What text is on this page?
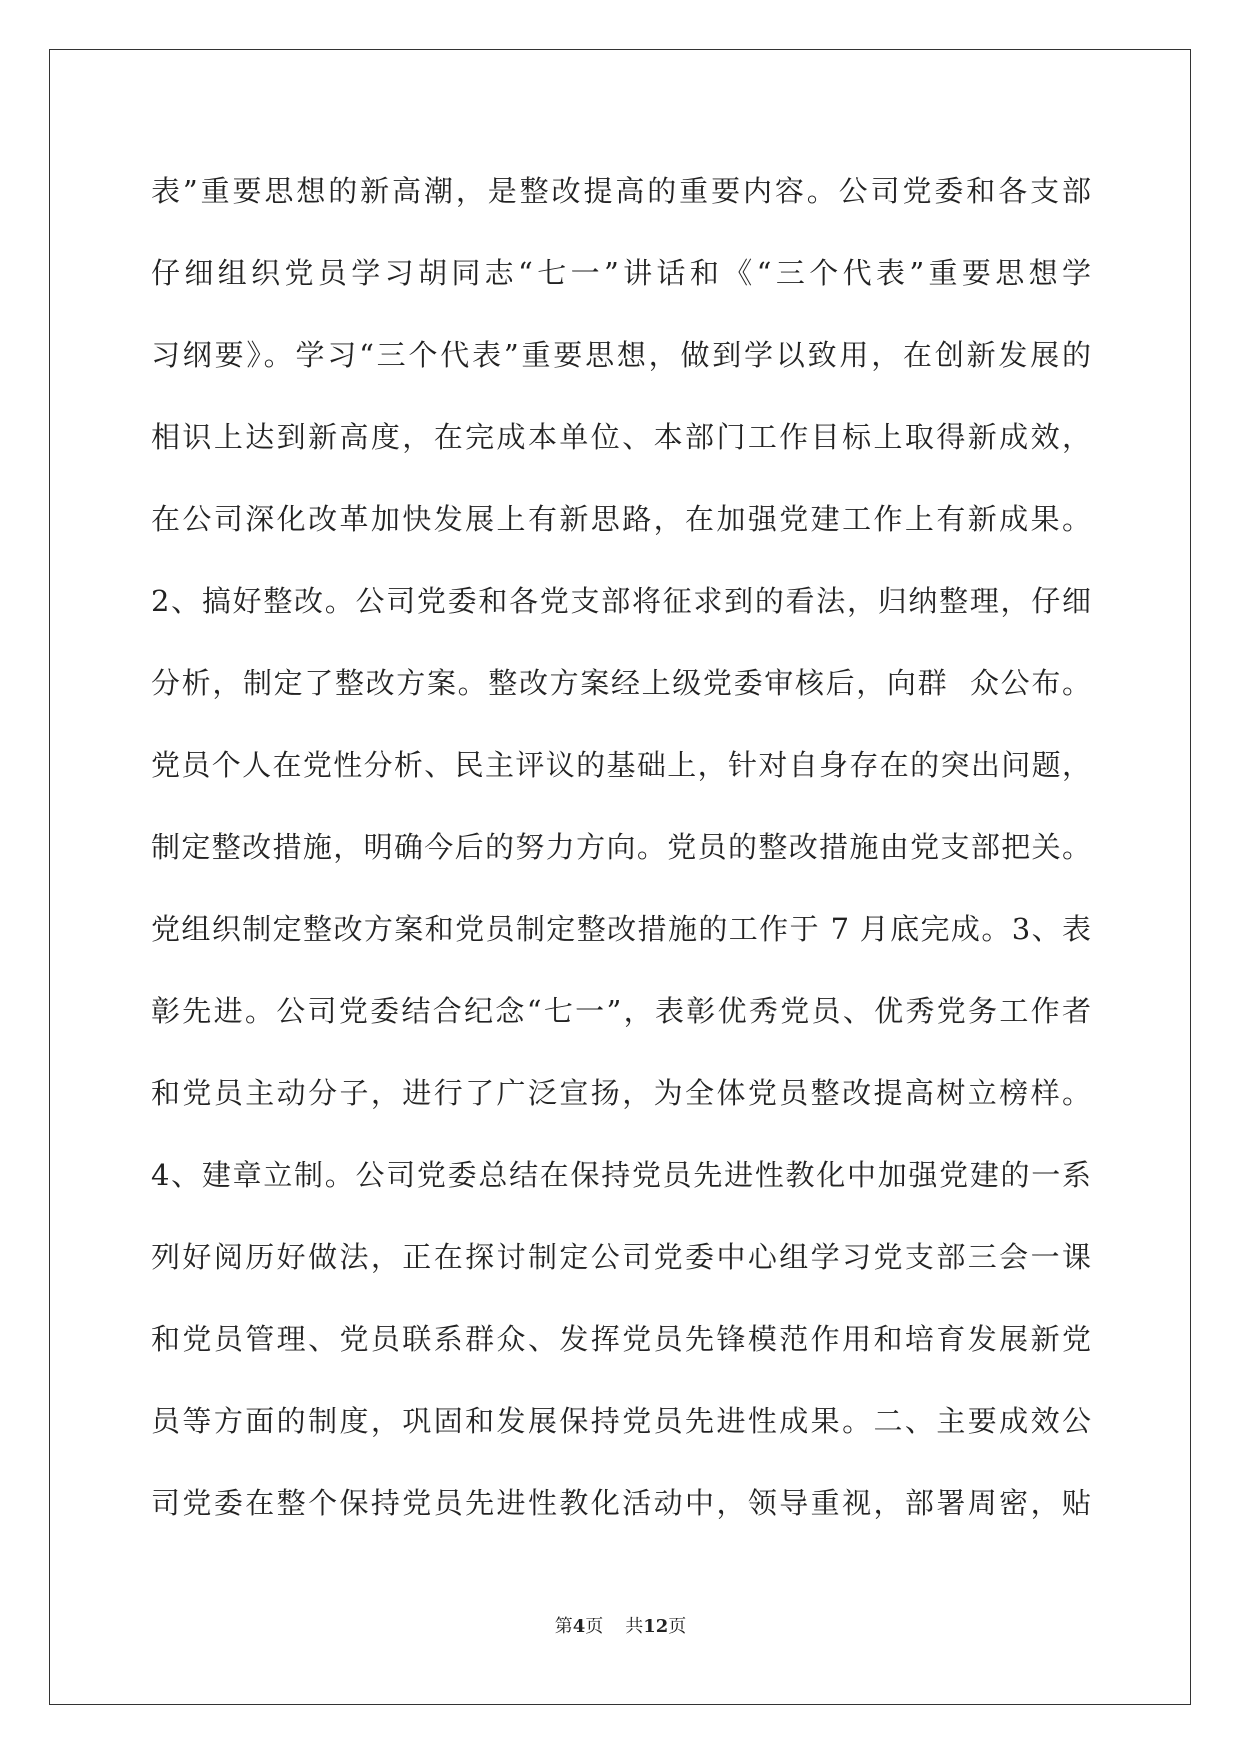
表”重要思想的新高潮，是整改提高的重要内容。公司党委和各支部
仔细组织党员学习胡同志“七一”讲话和《“三个代表”重要思想学
习纲要》。学习“三个代表”重要思想，做到学以致用，在创新发展的
相识上达到新高度，在完成本单位、本部门工作目标上取得新成效，
在公司深化改革加快发展上有新思路，在加强党建工作上有新成果。
2、搞好整改。公司党委和各党支部将征求到的看法，归纳整理，仔细
分析，制定了整改方案。整改方案经上级党委审核后，向群  众公布。
党员个人在党性分析、民主评议的基础上，针对自身存在的突出问题，
制定整改措施，明确今后的努力方向。党员的整改措施由党支部把关。
党组织制定整改方案和党员制定整改措施的工作于 7 月底完成。3、表
彰先进。公司党委结合纪念“七一”，表彰优秀党员、优秀党务工作者
和党员主动分子，进行了广泛宣扬，为全体党员整改提高树立榜样。
4、建章立制。公司党委总结在保持党员先进性教化中加强党建的一系
列好阅历好做法，正在探讨制定公司党委中心组学习党支部三会一课
和党员管理、党员联系群众、发挥党员先锋模范作用和培育发展新党
员等方面的制度，巩固和发展保持党员先进性成果。二、主要成效公
司党委在整个保持党员先进性教化活动中，领导重视，部署周密，贴
第4页 共12页
